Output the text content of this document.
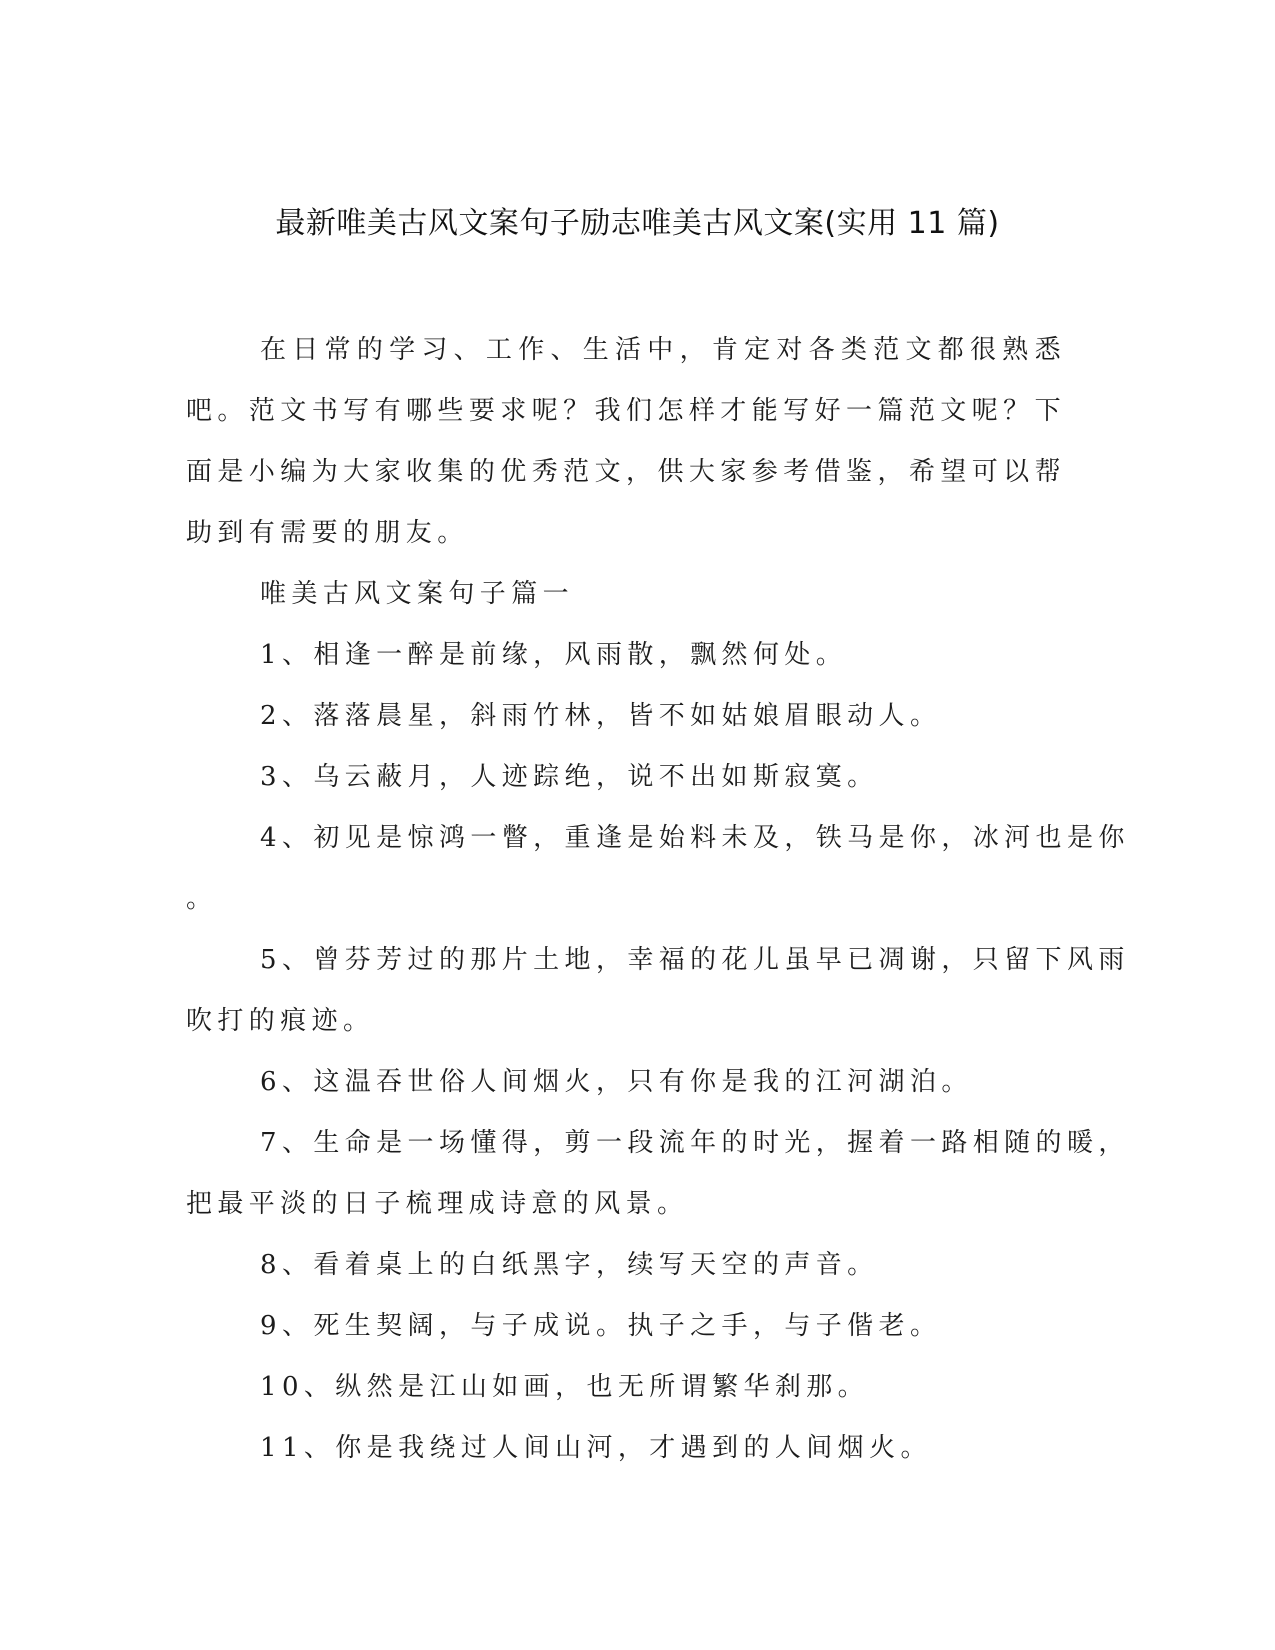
最新唯美古风文案句子励志唯美古风文案(实用 11 篇)

在日常的学习、工作、生活中，肯定对各类范文都很熟悉吧。范文书写有哪些要求呢？我们怎样才能写好一篇范文呢？下面是小编为大家收集的优秀范文，供大家参考借鉴，希望可以帮助到有需要的朋友。

唯美古风文案句子篇一

1、相逢一醉是前缘，风雨散，飘然何处。

2、落落晨星，斜雨竹林，皆不如姑娘眉眼动人。

3、乌云蔽月，人迹踪绝，说不出如斯寂寞。

4、初见是惊鸿一瞥，重逢是始料未及，铁马是你，冰河也是你

。

5、曾芬芳过的那片土地，幸福的花儿虽早已凋谢，只留下风雨

吹打的痕迹。

6、这温吞世俗人间烟火，只有你是我的江河湖泊。

7、生命是一场懂得，剪一段流年的时光，握着一路相随的暖，

把最平淡的日子梳理成诗意的风景。

8、看着桌上的白纸黑字，续写天空的声音。

9、死生契阔，与子成说。执子之手，与子偕老。

10、纵然是江山如画，也无所谓繁华刹那。

11、你是我绕过人间山河，才遇到的人间烟火。
